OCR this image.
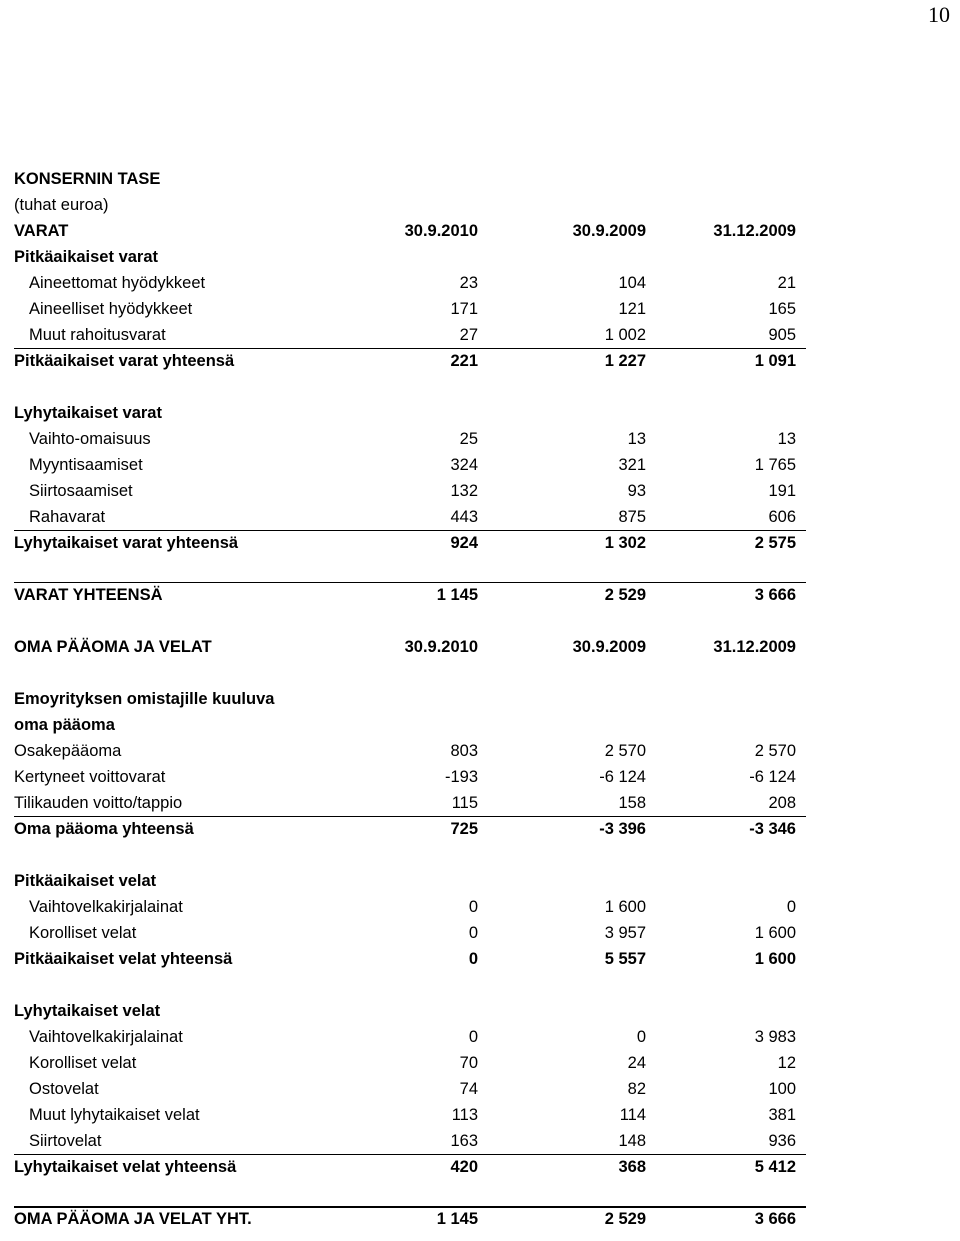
10
KONSERNIN TASE
(tuhat euroa)
VARAT	30.9.2010	30.9.2009	31.12.2009
Pitkäaikaiset varat
Aineettomat hyödykkeet	23	104	21
Aineelliset hyödykkeet	171	121	165
Muut rahoitusvarat	27	1 002	905
Pitkäaikaiset varat yhteensä	221	1 227	1 091
Lyhytaikaiset varat
Vaihto-omaisuus	25	13	13
Myyntisaamiset	324	321	1 765
Siirtosaamiset	132	93	191
Rahavarat	443	875	606
Lyhytaikaiset varat yhteensä	924	1 302	2 575
VARAT YHTEENSÄ	1 145	2 529	3 666
OMA PÄÄOMA JA VELAT	30.9.2010	30.9.2009	31.12.2009
Emoyrityksen omistajille kuuluva
oma pääoma
Osakepääoma	803	2 570	2 570
Kertyneet voittovarat	-193	-6 124	-6 124
Tilikauden voitto/tappio	115	158	208
Oma pääoma yhteensä	725	-3 396	-3 346
Pitkäaikaiset velat
Vaihtovelkakirjalainat	0	1 600	0
Korolliset velat	0	3 957	1 600
Pitkäaikaiset velat yhteensä	0	5 557	1 600
Lyhytaikaiset velat
Vaihtovelkakirjalainat	0	0	3 983
Korolliset velat	70	24	12
Ostovelat	74	82	100
Muut lyhytaikaiset velat	113	114	381
Siirtovelat	163	148	936
Lyhytaikaiset velat yhteensä	420	368	5 412
OMA PÄÄOMA JA VELAT YHT.	1 145	2 529	3 666
